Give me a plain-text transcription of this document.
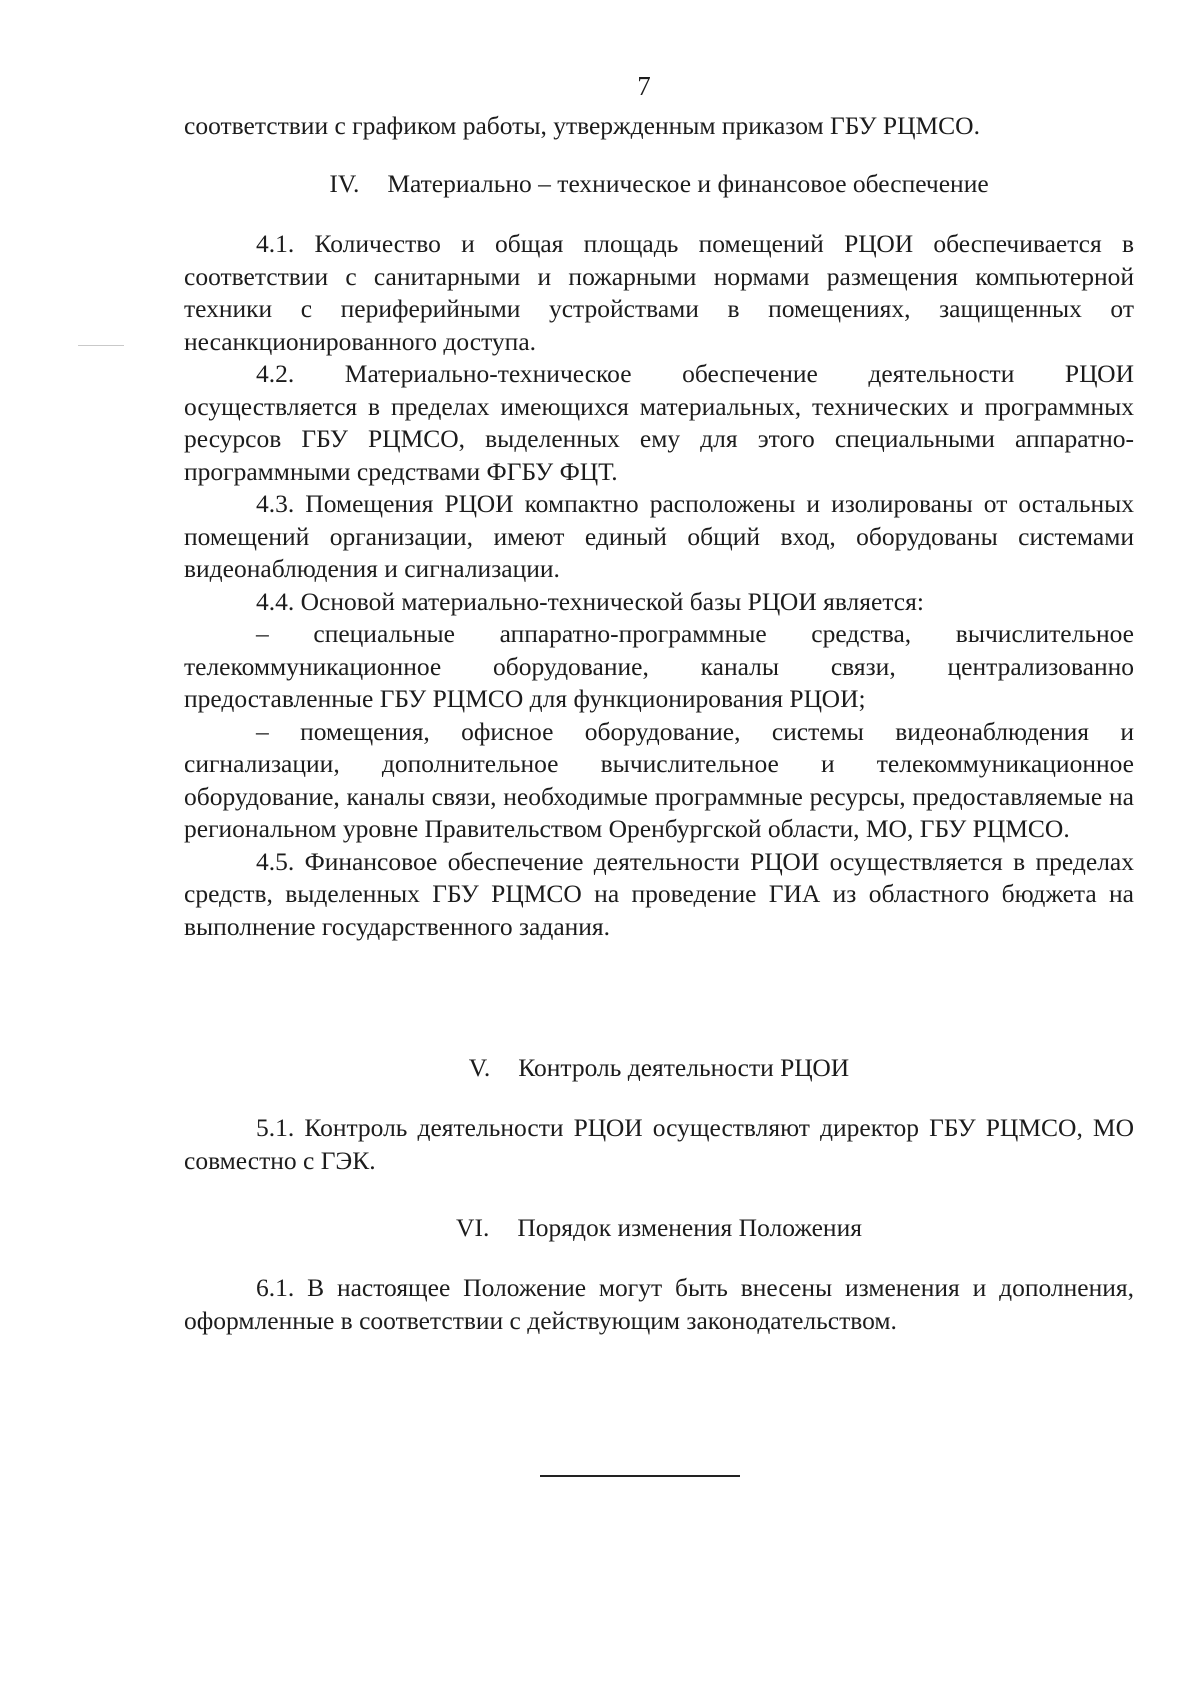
7

соответствии с графиком работы, утвержденным приказом ГБУ РЦМСО.

IV. Материально – техническое и финансовое обеспечение

4.1. Количество и общая площадь помещений РЦОИ обеспечивается в соответствии с санитарными и пожарными нормами размещения компьютерной техники с периферийными устройствами в помещениях, защищенных от несанкционированного доступа.

4.2. Материально-техническое обеспечение деятельности РЦОИ осуществляется в пределах имеющихся материальных, технических и программных ресурсов ГБУ РЦМСО, выделенных ему для этого специальными аппаратно-программными средствами ФГБУ ФЦТ.

4.3. Помещения РЦОИ компактно расположены и изолированы от остальных помещений организации, имеют единый общий вход, оборудованы системами видеонаблюдения и сигнализации.

4.4. Основой материально-технической базы РЦОИ является:

– специальные аппаратно-программные средства, вычислительное телекоммуникационное оборудование, каналы связи, централизованно предоставленные ГБУ РЦМСО для функционирования РЦОИ;

– помещения, офисное оборудование, системы видеонаблюдения и сигнализации, дополнительное вычислительное и телекоммуникационное оборудование, каналы связи, необходимые программные ресурсы, предоставляемые на региональном уровне Правительством Оренбургской области, МО, ГБУ РЦМСО.

4.5. Финансовое обеспечение деятельности РЦОИ осуществляется в пределах средств, выделенных ГБУ РЦМСО на проведение ГИА из областного бюджета на выполнение государственного задания.

V. Контроль деятельности РЦОИ

5.1. Контроль деятельности РЦОИ осуществляют директор ГБУ РЦМСО, МО совместно с ГЭК.

VI. Порядок изменения Положения

6.1. В настоящее Положение могут быть внесены изменения и дополнения, оформленные в соответствии с действующим законодательством.
